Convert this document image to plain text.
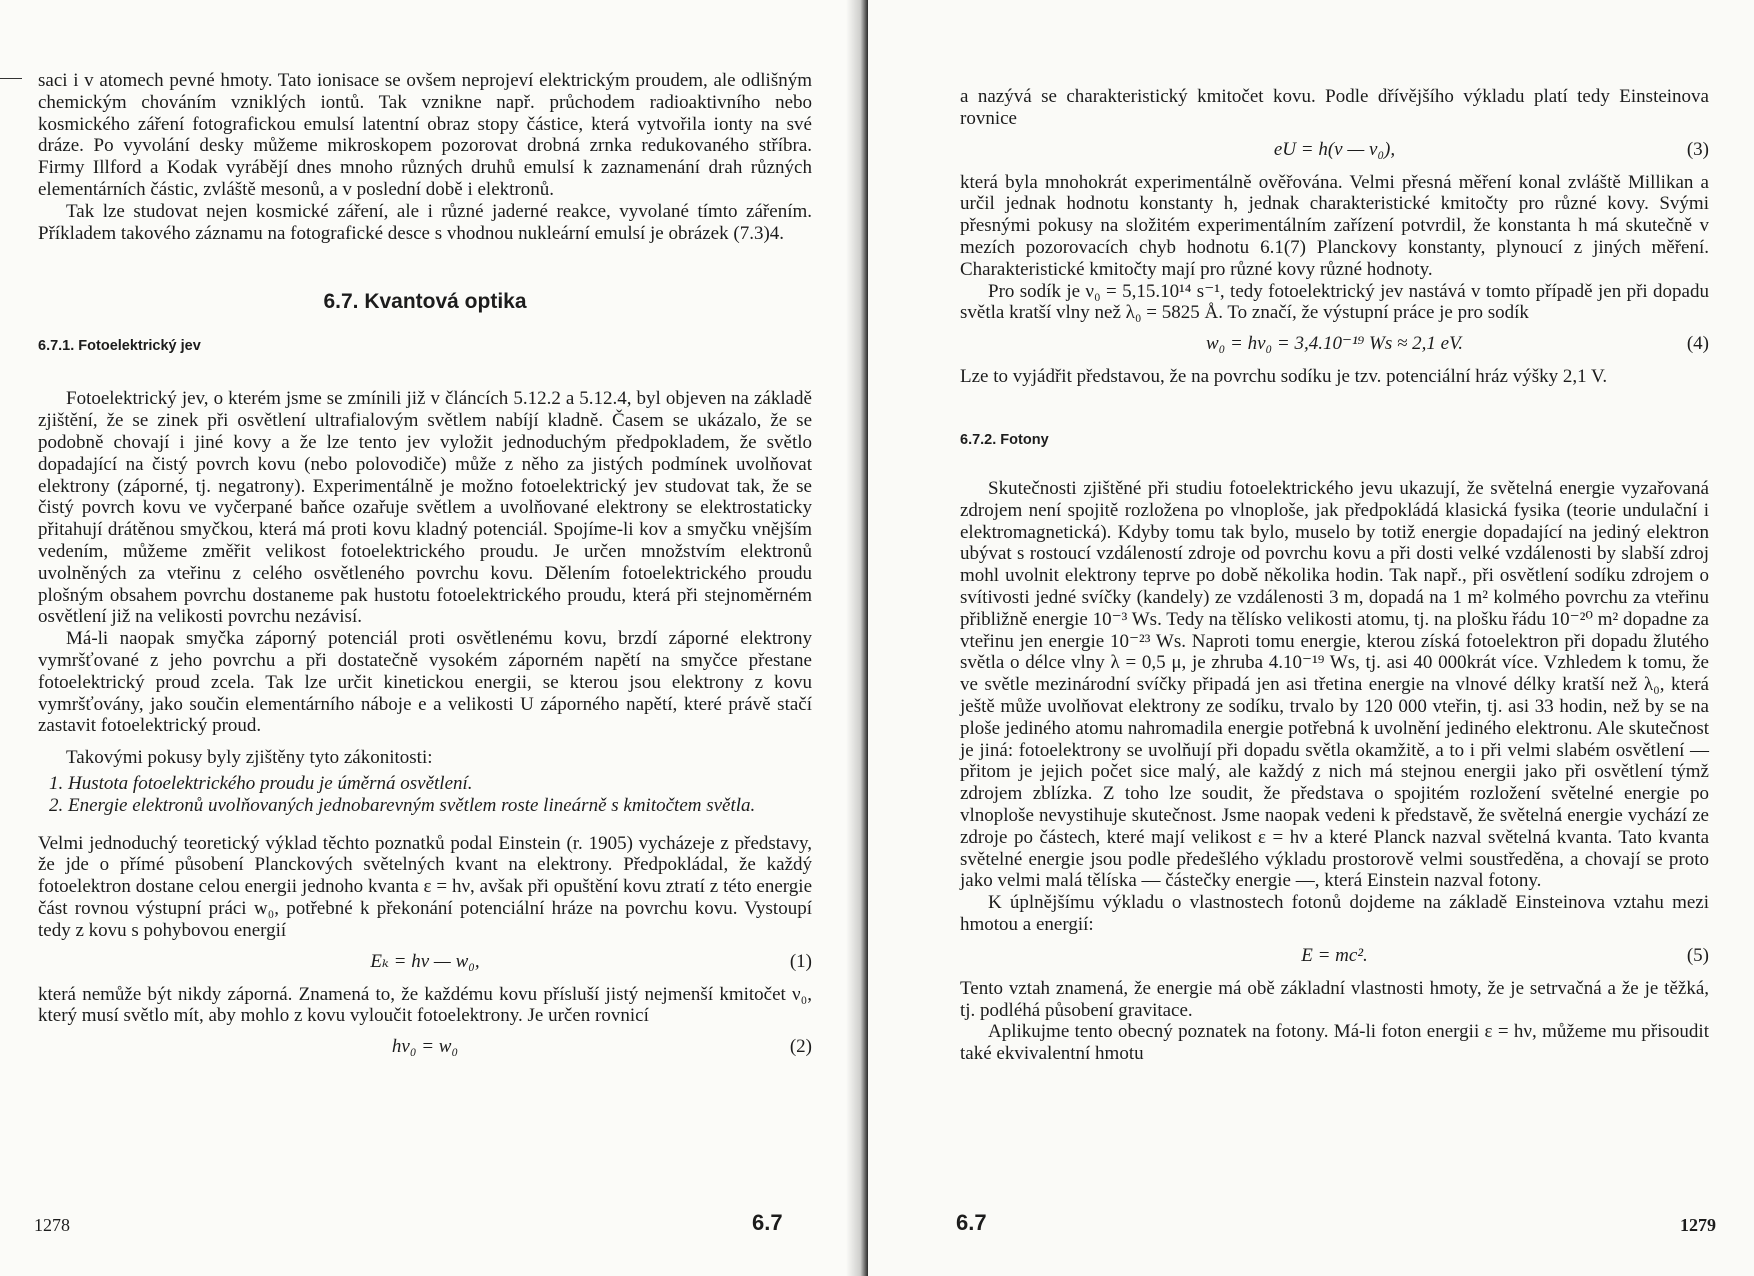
saci i v atomech pevné hmoty. Tato ionisace se ovšem neprojeví elektrickým proudem, ale odlišným chemickým chováním vzniklých iontů. Tak vznikne např. průchodem radioaktivního nebo kosmického záření fotografickou emulsí latentní obraz stopy částice, která vytvořila ionty na své dráze. Po vyvolání desky můžeme mikroskopem pozorovat drobná zrnka redukovaného stříbra. Firmy Illford a Kodak vyrábějí dnes mnoho různých druhů emulsí k zaznamenání drah různých elementárních částic, zvláště mesonů, a v poslední době i elektronů.

Tak lze studovat nejen kosmické záření, ale i různé jaderné reakce, vyvolané tímto zářením. Příkladem takového záznamu na fotografické desce s vhodnou nukleární emulsí je obrázek (7.3)4.

6.7. Kvantová optika
6.7.1. Fotoelektrický jev

Fotoelektrický jev, o kterém jsme se zmínili již v článcích 5.12.2 a 5.12.4, byl objeven na základě zjištění, že se zinek při osvětlení ultrafialovým světlem nabíjí kladně. Časem se ukázalo, že se podobně chovají i jiné kovy a že lze tento jev vyložit jednoduchým předpokladem, že světlo dopadající na čistý povrch kovu (nebo polovodiče) může z něho za jistých podmínek uvolňovat elektrony (záporné, tj. negatrony). Experimentálně je možno fotoelektrický jev studovat tak, že se čistý povrch kovu ve vyčerpané baňce ozařuje světlem a uvolňované elektrony se elektrostaticky přitahují drátěnou smyčkou, která má proti kovu kladný potenciál. Spojíme-li kov a smyčku vnějším vedením, můžeme změřit velikost fotoelektrického proudu. Je určen množstvím elektronů uvolněných za vteřinu z celého osvětleného povrchu kovu. Dělením fotoelektrického proudu plošným obsahem povrchu dostaneme pak hustotu fotoelektrického proudu, která při stejnoměrném osvětlení již na velikosti povrchu nezávisí.

Má-li naopak smyčka záporný potenciál proti osvětlenému kovu, brzdí záporné elektrony vymršťované z jeho povrchu a při dostatečně vysokém záporném napětí na smyčce přestane fotoelektrický proud zcela. Tak lze určit kinetickou energii, se kterou jsou elektrony z kovu vymršťovány, jako součin elementárního náboje e a velikosti U záporného napětí, které právě stačí zastavit fotoelektrický proud.

Takovými pokusy byly zjištěny tyto zákonitosti:

1. Hustota fotoelektrického proudu je úměrná osvětlení.
2. Energie elektronů uvolňovaných jednobarevným světlem roste lineárně s kmitočtem světla.

Velmi jednoduchý teoretický výklad těchto poznatků podal Einstein (r. 1905) vycházeje z představy, že jde o přímé působení Planckových světelných kvant na elektrony. Předpokládal, že každý fotoelektron dostane celou energii jednoho kvanta ε = hν, avšak při opuštění kovu ztratí z této energie část rovnou výstupní práci w₀, potřebné k překonání potenciální hráze na povrchu kovu. Vystoupí tedy z kovu s pohybovou energií

Eₖ = hν — w₀,	(1)

která nemůže být nikdy záporná. Znamená to, že každému kovu přísluší jistý nejmenší kmitočet ν₀, který musí světlo mít, aby mohlo z kovu vyloučit fotoelektrony. Je určen rovnicí

hν₀ = w₀	(2)
1278	6.7

a nazývá se charakteristický kmitočet kovu. Podle dřívějšího výkladu platí tedy Einsteinova rovnice

eU = h(ν — ν₀),	(3)

která byla mnohokrát experimentálně ověřována. Velmi přesná měření konal zvláště Millikan a určil jednak hodnotu konstanty h, jednak charakteristické kmitočty pro různé kovy. Svými přesnými pokusy na složitém experimentálním zařízení potvrdil, že konstanta h má skutečně v mezích pozorovacích chyb hodnotu 6.1(7) Planckovy konstanty, plynoucí z jiných měření. Charakteristické kmitočty mají pro různé kovy různé hodnoty.

Pro sodík je ν₀ = 5,15.10¹⁴ s⁻¹, tedy fotoelektrický jev nastává v tomto případě jen při dopadu světla kratší vlny než λ₀ = 5825 Å. To značí, že výstupní práce je pro sodík

w₀ = hν₀ = 3,4.10⁻¹⁹ Ws ≈ 2,1 eV.	(4)

Lze to vyjádřit představou, že na povrchu sodíku je tzv. potenciální hráz výšky 2,1 V.

6.7.2. Fotony

Skutečnosti zjištěné při studiu fotoelektrického jevu ukazují, že světelná energie vyzařovaná zdrojem není spojitě rozložena po vlnoploše, jak předpokládá klasická fysika (teorie undulační i elektromagnetická). Kdyby tomu tak bylo, muselo by totiž energie dopadající na jediný elektron ubývat s rostoucí vzdáleností zdroje od povrchu kovu a při dosti velké vzdálenosti by slabší zdroj mohl uvolnit elektrony teprve po době několika hodin. Tak např., při osvětlení sodíku zdrojem o svítivosti jedné svíčky (kandely) ze vzdálenosti 3 m, dopadá na 1 m² kolmého povrchu za vteřinu přibližně energie 10⁻³ Ws. Tedy na tělísko velikosti atomu, tj. na plošku řádu 10⁻²⁰ m² dopadne za vteřinu jen energie 10⁻²³ Ws. Naproti tomu energie, kterou získá fotoelektron při dopadu žlutého světla o délce vlny λ = 0,5 μ, je zhruba 4.10⁻¹⁹ Ws, tj. asi 40 000krát více. Vzhledem k tomu, že ve světle mezinárodní svíčky připadá jen asi třetina energie na vlnové délky kratší než λ₀, která ještě může uvolňovat elektrony ze sodíku, trvalo by 120 000 vteřin, tj. asi 33 hodin, než by se na ploše jediného atomu nahromadila energie potřebná k uvolnění jediného elektronu. Ale skutečnost je jiná: fotoelektrony se uvolňují při dopadu světla okamžitě, a to i při velmi slabém osvětlení — přitom je jejich počet sice malý, ale každý z nich má stejnou energii jako při osvětlení týmž zdrojem zblízka. Z toho lze soudit, že představa o spojitém rozložení světelné energie po vlnoploše nevystihuje skutečnost. Jsme naopak vedeni k představě, že světelná energie vychází ze zdroje po částech, které mají velikost ε = hν a které Planck nazval světelná kvanta. Tato kvanta světelné energie jsou podle předešlého výkladu prostorově velmi soustředěna, a chovají se proto jako velmi malá tělíska — částečky energie —, která Einstein nazval fotony.

K úplnějšímu výkladu o vlastnostech fotonů dojdeme na základě Einsteinova vztahu mezi hmotou a energií:

E = mc².	(5)

Tento vztah znamená, že energie má obě základní vlastnosti hmoty, že je setrvačná a že je těžká, tj. podléhá působení gravitace.

Aplikujme tento obecný poznatek na fotony. Má-li foton energii ε = hν, můžeme mu přisoudit také ekvivalentní hmotu

6.7	1279
